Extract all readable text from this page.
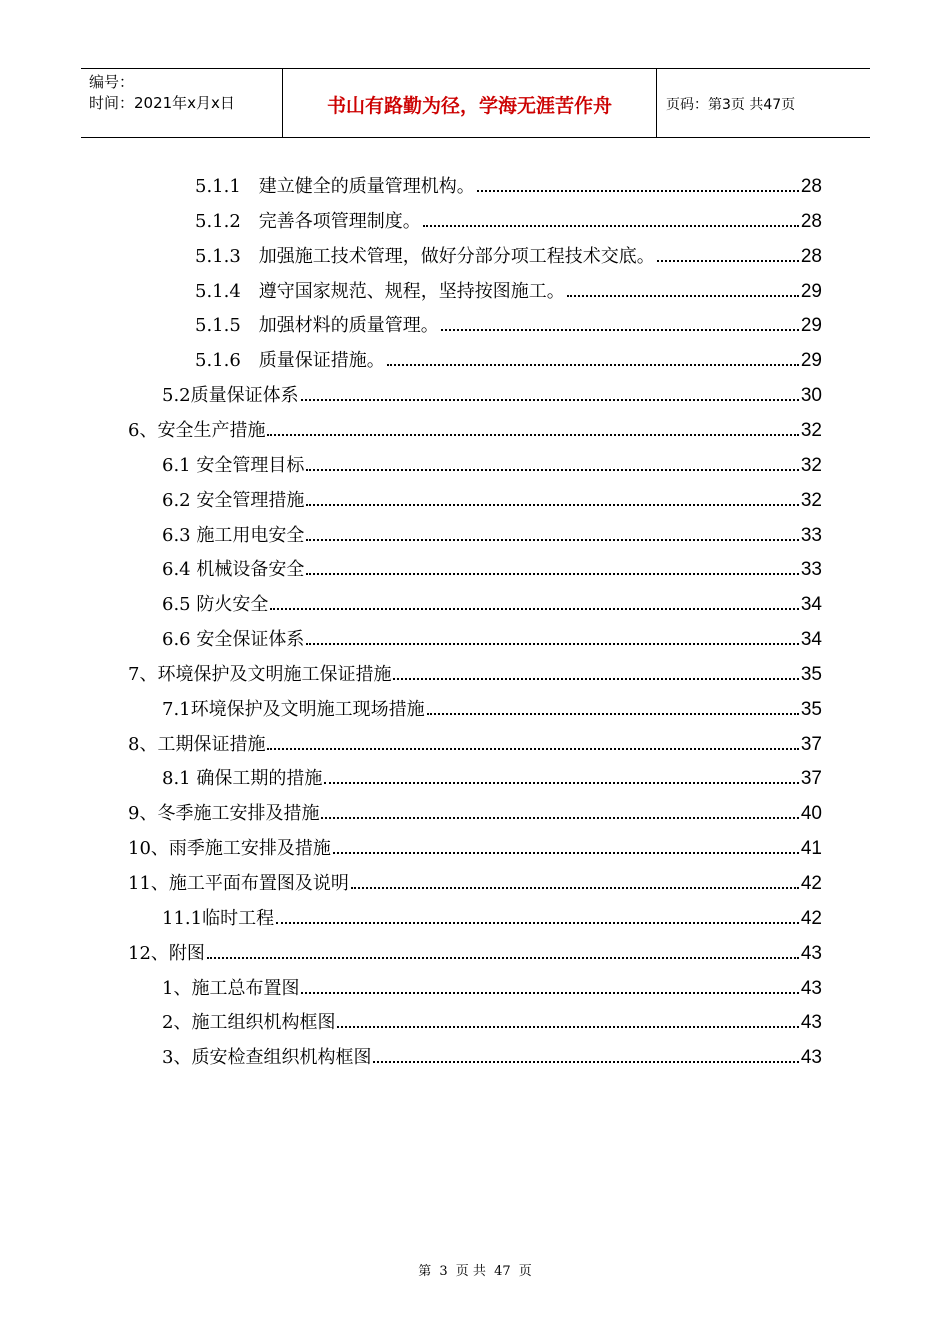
编号：
时间：2021年x月x日	书山有路勤为径，学海无涯苦作舟	页码：第3页 共47页
5.1.1　建立健全的质量管理机构。	28
5.1.2　完善各项管理制度。	28
5.1.3　加强施工技术管理，做好分部分项工程技术交底。	28
5.1.4　遵守国家规范、规程，坚持按图施工。	29
5.1.5　加强材料的质量管理。	29
5.1.6　质量保证措施。	29
5.2质量保证体系	30
6、安全生产措施	32
6.1 安全管理目标	32
6.2 安全管理措施	32
6.3 施工用电安全	33
6.4 机械设备安全	33
6.5 防火安全	34
6.6 安全保证体系	34
7、环境保护及文明施工保证措施	35
7.1环境保护及文明施工现场措施	35
8、工期保证措施	37
8.1 确保工期的措施	37
9、冬季施工安排及措施	40
10、雨季施工安排及措施	41
11、施工平面布置图及说明	42
11.1临时工程	42
12、附图	43
1、施工总布置图	43
2、施工组织机构框图	43
3、质安检查组织机构框图	43
第 3 页 共 47 页
